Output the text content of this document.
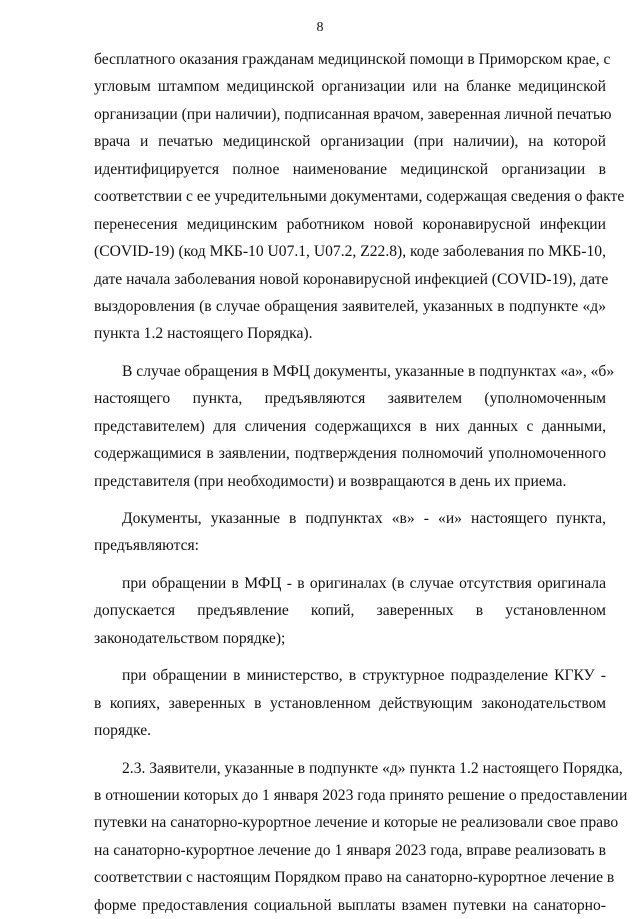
8
бесплатного оказания гражданам медицинской помощи в Приморском крае, с
угловым штампом медицинской организации или на бланке медицинской
организации (при наличии), подписанная врачом, заверенная личной печатью
врача и печатью медицинской организации (при наличии), на которой
идентифицируется полное наименование медицинской организации в
соответствии с ее учредительными документами, содержащая сведения о факте
перенесения медицинским работником новой коронавирусной инфекции
(COVID-19) (код МКБ-10 U07.1, U07.2, Z22.8), коде заболевания по МКБ-10,
дате начала заболевания новой коронавирусной инфекцией (COVID-19), дате
выздоровления (в случае обращения заявителей, указанных в подпункте «д»
пункта 1.2 настоящего Порядка).
В случае обращения в МФЦ документы, указанные в подпунктах «а», «б»
настоящего пункта, предъявляются заявителем (уполномоченным
представителем) для сличения содержащихся в них данных с данными,
содержащимися в заявлении, подтверждения полномочий уполномоченного
представителя (при необходимости) и возвращаются в день их приема.
Документы, указанные в подпунктах «в» - «и» настоящего пункта,
предъявляются:
при обращении в МФЦ - в оригиналах (в случае отсутствия оригинала
допускается предъявление копий, заверенных в установленном
законодательством порядке);
при обращении в министерство, в структурное подразделение КГКУ -
в копиях, заверенных в установленном действующим законодательством
порядке.
2.3. Заявители, указанные в подпункте «д» пункта 1.2 настоящего Порядка,
в отношении которых до 1 января 2023 года принято решение о предоставлении
путевки на санаторно-курортное лечение и которые не реализовали свое право
на санаторно-курортное лечение до 1 января 2023 года, вправе реализовать в
соответствии с настоящим Порядком право на санаторно-курортное лечение в
форме предоставления социальной выплаты взамен путевки на санаторно-
